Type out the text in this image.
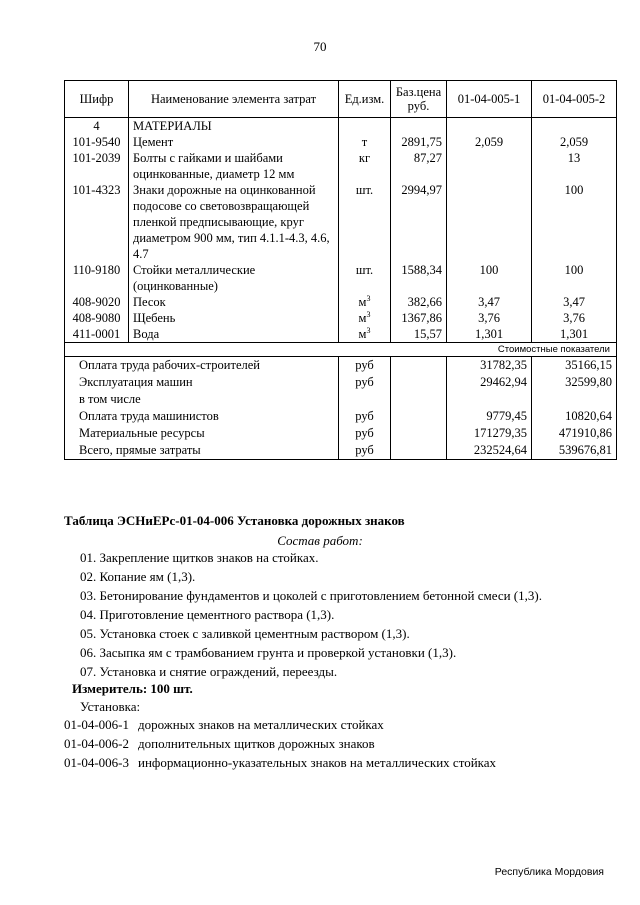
70
Шифр	Наименование элемента затрат	Ед.изм.	Баз.цена руб.	01-04-005-1	01-04-005-2
4	МАТЕРИАЛЫ				
101-9540	Цемент	т	2891,75	2,059	2,059
101-2039	Болты с гайками и шайбами оцинкованные, диаметр 12 мм	кг	87,27		13
101-4323	Знаки дорожные на оцинкованной подосове со световозвращающей пленкой предписывающие, круг диаметром 900 мм, тип 4.1.1-4.3, 4.6, 4.7	шт.	2994,97		100
110-9180	Стойки металлические (оцинкованные)	шт.	1588,34	100	100
408-9020	Песок	$м^3$	382,66	3,47	3,47
408-9080	Щебень	$м^3$	1367,86	3,76	3,76
411-0001	Вода	$м^3$	15,57	1,301	1,301
Стоимостные показатели					
Оплата труда рабочих-строителей		руб		31782,35	35166,15
Эксплуатация машин		руб		29462,94	32599,80
в том числе					
Оплата труда машинистов		руб		9779,45	10820,64
Материальные ресурсы		руб		171279,35	471910,86
Всего, прямые затраты		руб		232524,64	539676,81
Таблица ЭСНиЕРс-01-04-006 Установка дорожных знаков
Состав работ:
01. Закрепление щитков знаков на стойках.
02. Копание ям (1,3).
03. Бетонирование фундаментов и цоколей с приготовлением бетонной смеси (1,3).
04. Приготовление цементного раствора (1,3).
05. Установка стоек с заливкой цементным раствором (1,3).
06. Засыпка ям с трамбованием грунта и проверкой установки (1,3).
07. Установка и снятие ограждений, переезды.
Измеритель: 100 шт.
Установка:
01-04-006-1 дорожных знаков на металлических стойках
01-04-006-2 дополнительных щитков дорожных знаков
01-04-006-3 информационно-указательных знаков на металлических стойках
Республика Мордовия
